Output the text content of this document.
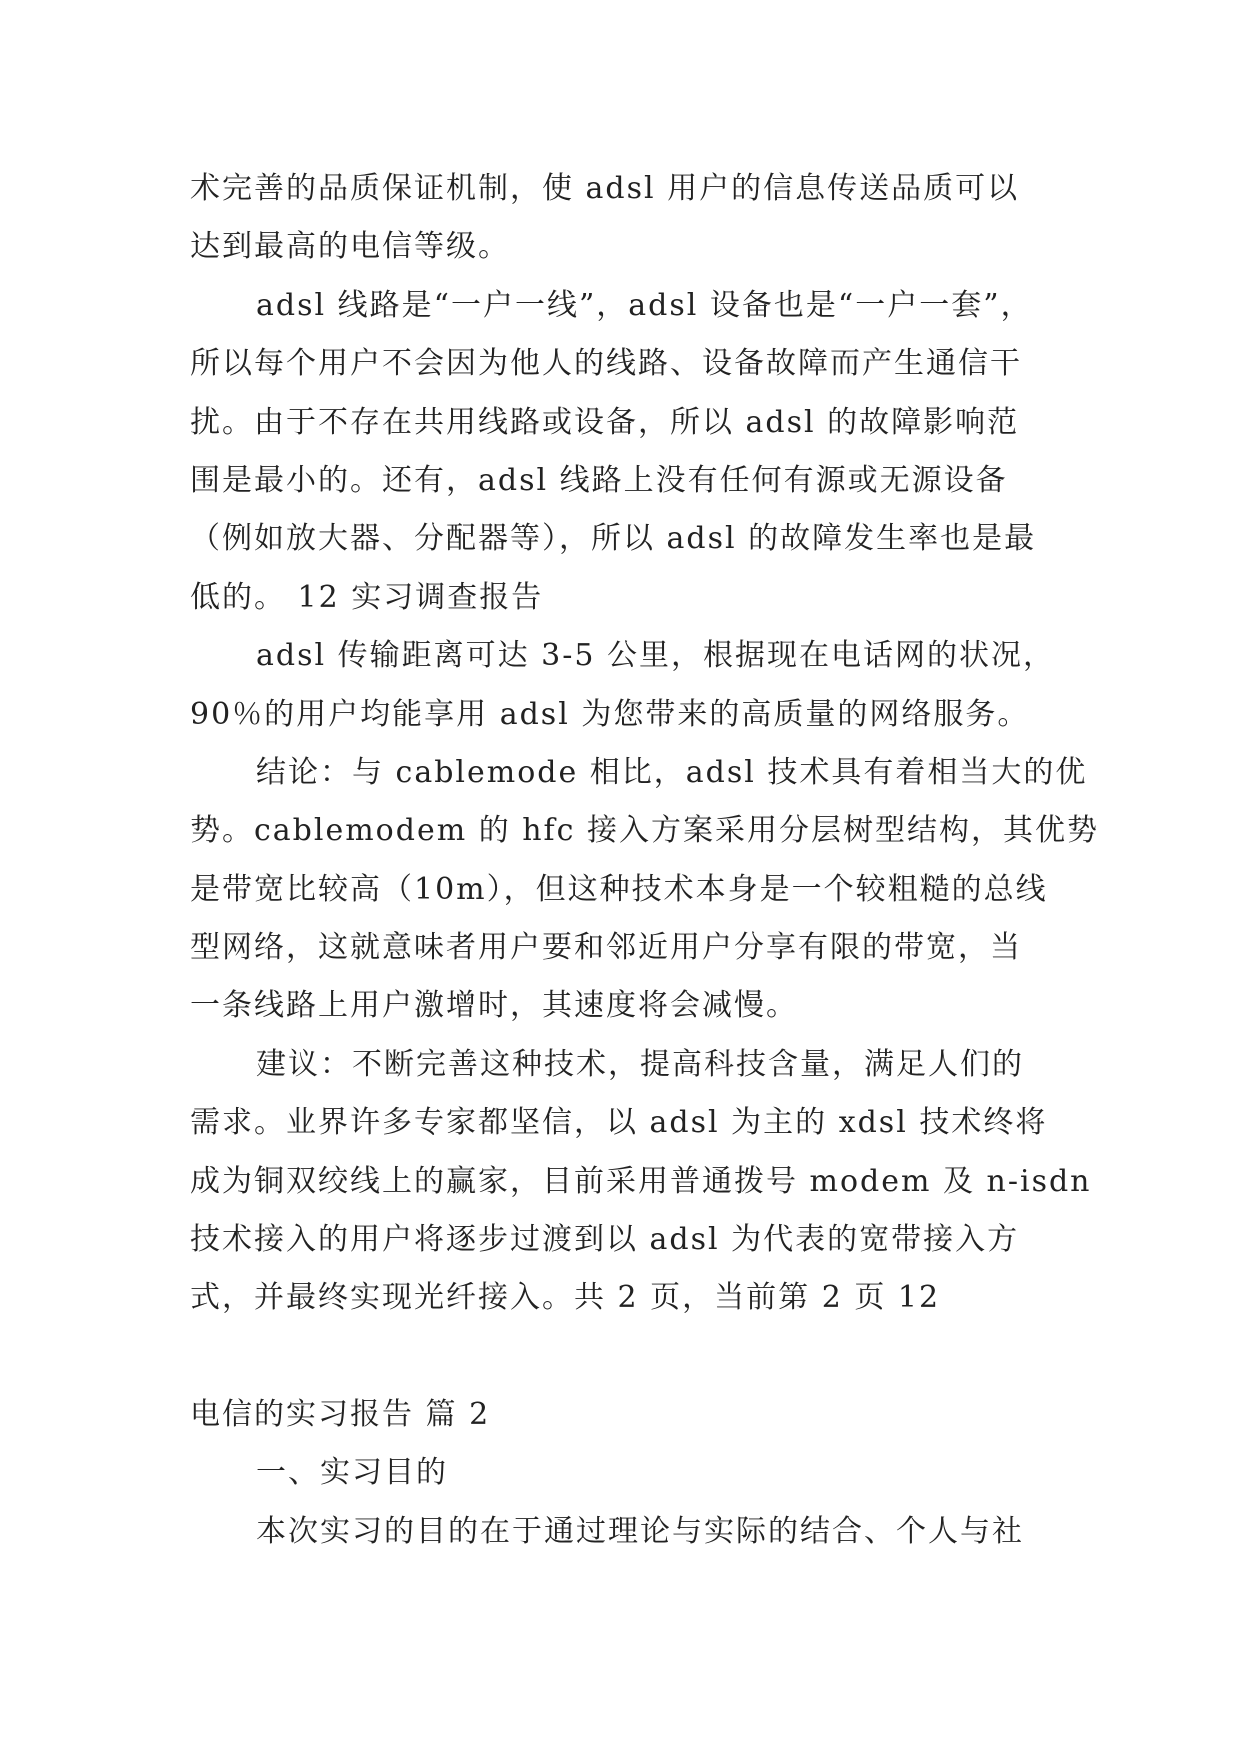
术完善的品质保证机制，使 adsl 用户的信息传送品质可以
达到最高的电信等级。
adsl 线路是“一户一线”，adsl 设备也是“一户一套”，
所以每个用户不会因为他人的线路、设备故障而产生通信干
扰。由于不存在共用线路或设备，所以 adsl 的故障影响范
围是最小的。还有，adsl 线路上没有任何有源或无源设备
（例如放大器、分配器等），所以 adsl 的故障发生率也是最
低的。 12 实习调查报告
adsl 传输距离可达 3-5 公里，根据现在电话网的状况，
90％的用户均能享用 adsl 为您带来的高质量的网络服务。
结论：与 cablemode 相比，adsl 技术具有着相当大的优
势。cablemodem 的 hfc 接入方案采用分层树型结构，其优势
是带宽比较高（10m），但这种技术本身是一个较粗糙的总线
型网络，这就意味者用户要和邻近用户分享有限的带宽，当
一条线路上用户激增时，其速度将会减慢。
建议：不断完善这种技术，提高科技含量，满足人们的
需求。业界许多专家都坚信，以 adsl 为主的 xdsl 技术终将
成为铜双绞线上的赢家，目前采用普通拨号 modem 及 n-isdn
技术接入的用户将逐步过渡到以 adsl 为代表的宽带接入方
式，并最终实现光纤接入。共 2 页，当前第 2 页 12
电信的实习报告 篇 2
一、实习目的
本次实习的目的在于通过理论与实际的结合、个人与社
